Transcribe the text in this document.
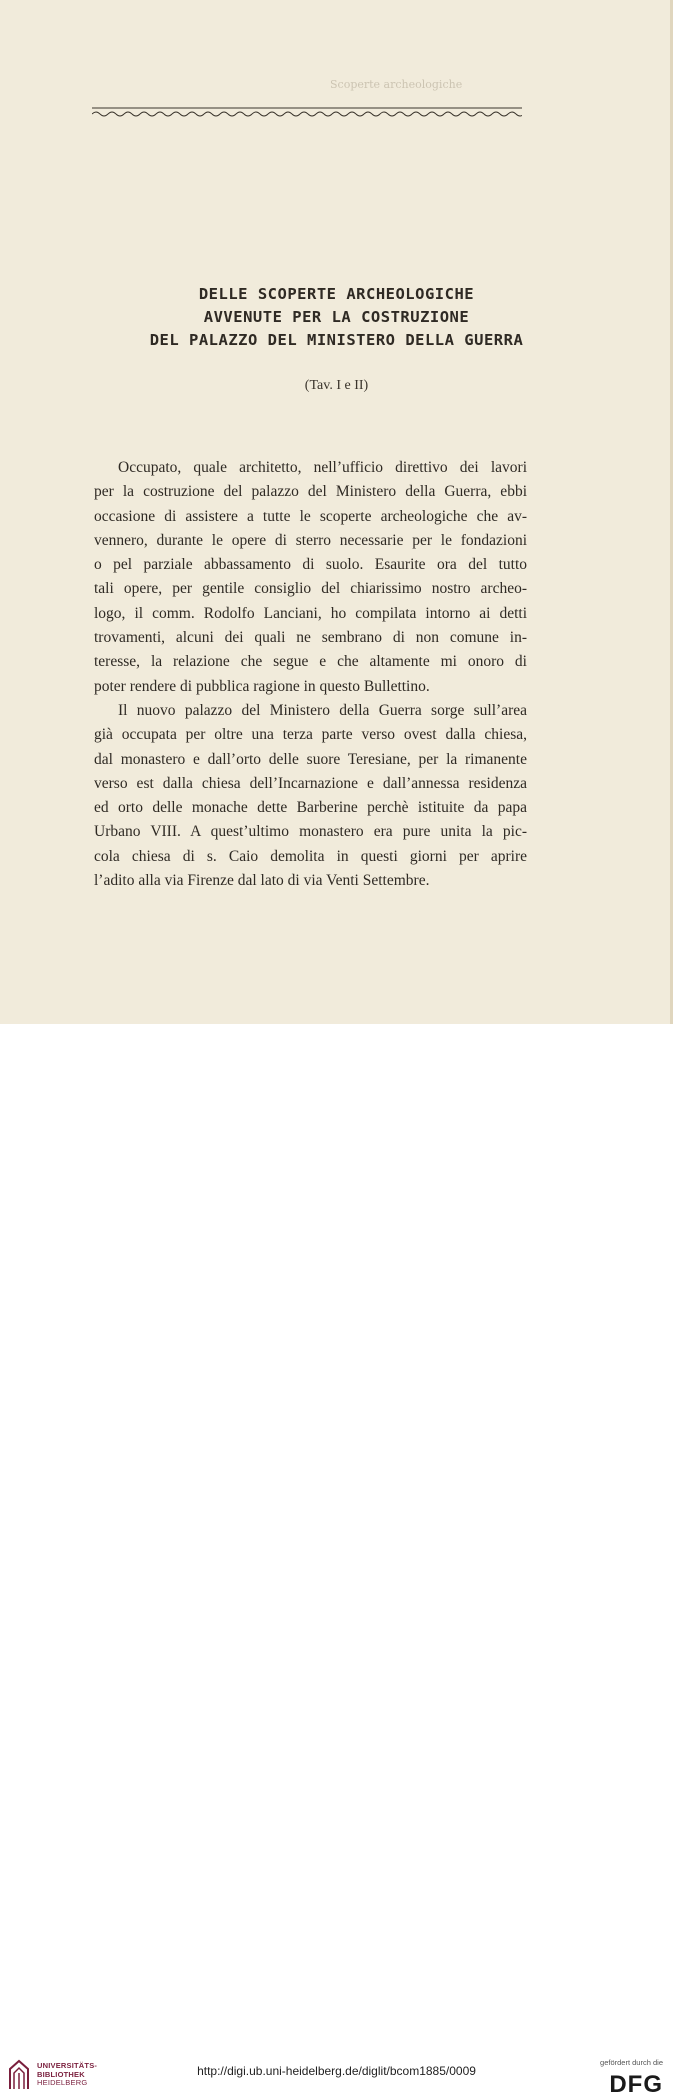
Scoperte archeologiche
DELLE SCOPERTE ARCHEOLOGICHE
AVVENUTE PER LA COSTRUZIONE
DEL PALAZZO DEL MINISTERO DELLA GUERRA
(Tav. I e II)
Occupato, quale architetto, nell’ufficio direttivo dei lavori
per la costruzione del palazzo del Ministero della Guerra, ebbi
occasione di assistere a tutte le scoperte archeologiche che av-
vennero, durante le opere di sterro necessarie per le fondazioni
o pel parziale abbassamento di suolo. Esaurite ora del tutto
tali opere, per gentile consiglio del chiarissimo nostro archeo-
logo, il comm. Rodolfo Lanciani, ho compilata intorno ai detti
trovamenti, alcuni dei quali ne sembrano di non comune in-
teresse, la relazione che segue e che altamente mi onoro di
poter rendere di pubblica ragione in questo Bullettino.
Il nuovo palazzo del Ministero della Guerra sorge sull’area
già occupata per oltre una terza parte verso ovest dalla chiesa,
dal monastero e dall’orto delle suore Teresiane, per la rimanente
verso est dalla chiesa dell’Incarnazione e dall’annessa residenza
ed orto delle monache dette Barberine perchè istituite da papa
Urbano VIII. A quest’ultimo monastero era pure unita la pic-
cola chiesa di s. Caio demolita in questi giorni per aprire
l’adito alla via Firenze dal lato di via Venti Settembre.
UNIVERSITÄTS-
BIBLIOTHEK
HEIDELBERG
http://digi.ub.uni-heidelberg.de/diglit/bcom1885/0009
gefördert durch die
DFG
